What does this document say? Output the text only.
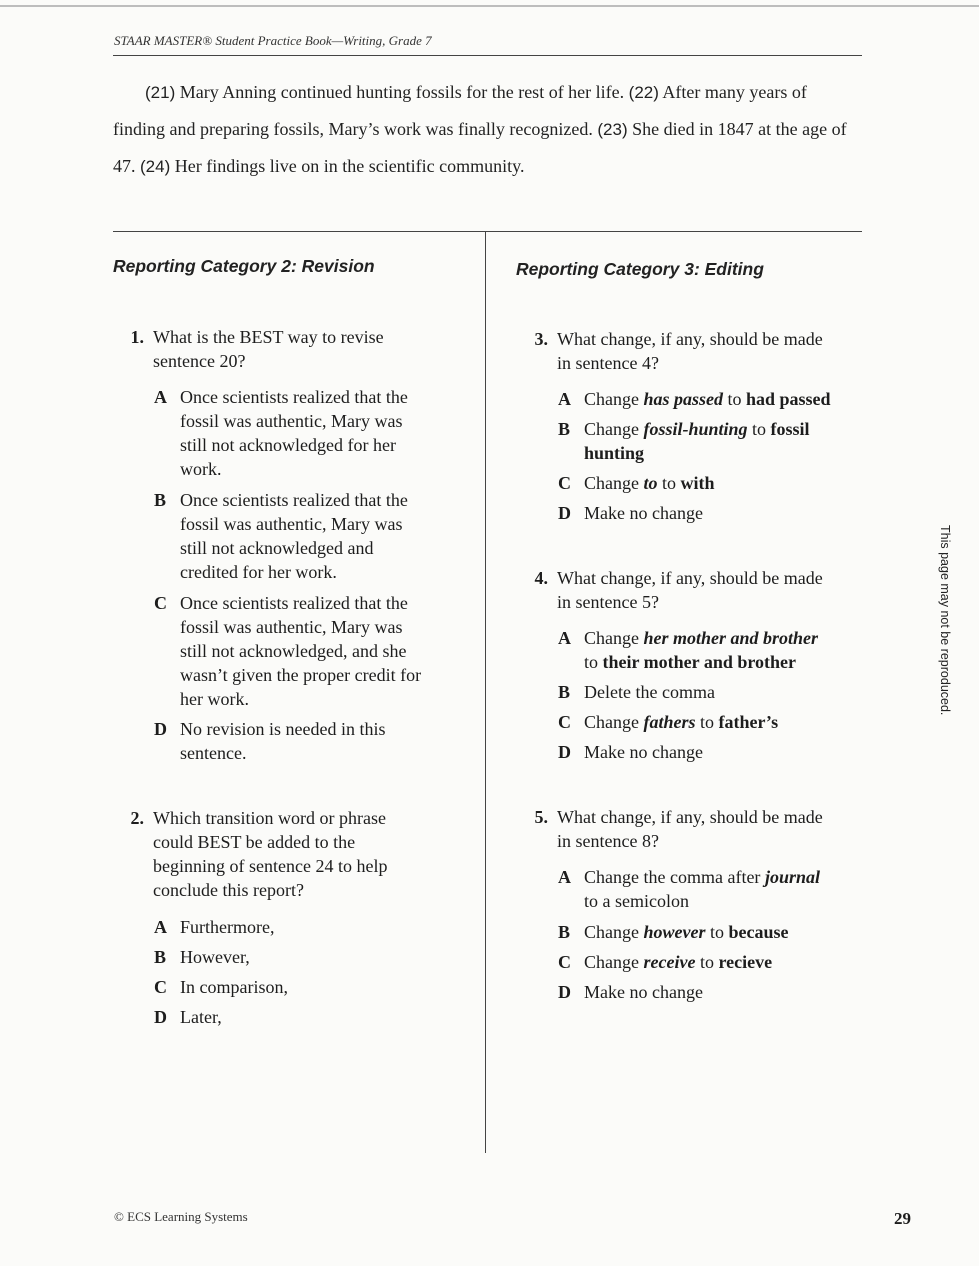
STAAR MASTER® Student Practice Book—Writing, Grade 7
(21) Mary Anning continued hunting fossils for the rest of her life. (22) After many years of finding and preparing fossils, Mary’s work was finally recognized. (23) She died in 1847 at the age of 47. (24) Her findings live on in the scientific community.
Reporting Category 2: Revision
1. What is the BEST way to revise
sentence 20?
A Once scientists realized that the
fossil was authentic, Mary was
still not acknowledged for her
work.
B Once scientists realized that the
fossil was authentic, Mary was
still not acknowledged and
credited for her work.
C Once scientists realized that the
fossil was authentic, Mary was
still not acknowledged, and she
wasn’t given the proper credit for
her work.
D No revision is needed in this
sentence.
2. Which transition word or phrase
could BEST be added to the
beginning of sentence 24 to help
conclude this report?
A Furthermore,
B However,
C In comparison,
D Later,
Reporting Category 3: Editing
3. What change, if any, should be made
in sentence 4?
A Change has passed to had passed
B Change fossil-hunting to fossil
hunting
C Change to to with
D Make no change
4. What change, if any, should be made
in sentence 5?
A Change her mother and brother
to their mother and brother
B Delete the comma
C Change fathers to father’s
D Make no change
5. What change, if any, should be made
in sentence 8?
A Change the comma after journal
to a semicolon
B Change however to because
C Change receive to recieve
D Make no change
This page may not be reproduced.
© ECS Learning Systems	29
